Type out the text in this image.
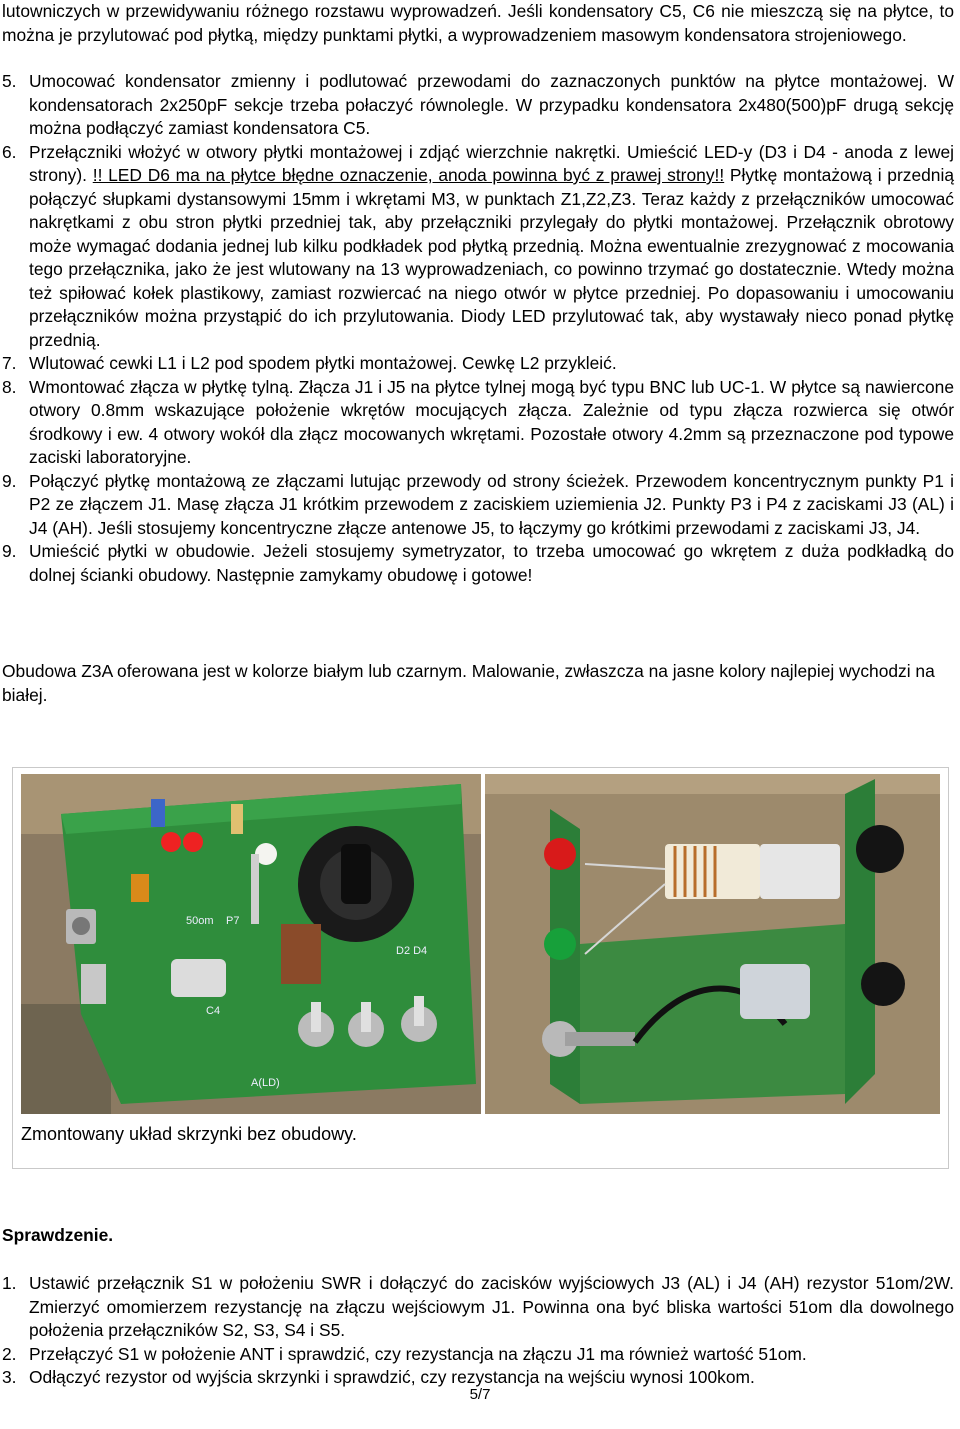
lutowniczych w przewidywaniu różnego rozstawu wyprowadzeń. Jeśli kondensatory C5, C6 nie mieszczą się na płytce, to można je przylutować pod płytką, między punktami płytki, a wyprowadzeniem masowym kondensatora strojeniowego.

5. Umocować kondensator zmienny i podlutować przewodami do zaznaczonych punktów na płytce montażowej. W kondensatorach 2x250pF sekcje trzeba połaczyć równolegle. W przypadku kondensatora 2x480(500)pF drugą sekcję można podłączyć zamiast kondensatora C5.

6. Przełączniki włożyć w otwory płytki montażowej i zdjąć wierzchnie nakrętki. Umieścić LED-y (D3 i D4 - anoda z lewej strony). !! LED D6 ma na płytce błędne oznaczenie, anoda powinna być z prawej strony!! Płytkę montażową i przednią połączyć słupkami dystansowymi 15mm i wkrętami M3, w punktach Z1,Z2,Z3. Teraz każdy z przełączników umocować nakrętkami z obu stron płytki przedniej tak, aby przełączniki przylegały do płytki montażowej. Przełącznik obrotowy może wymagać dodania jednej lub kilku podkładek pod płytką przednią. Można ewentualnie zrezygnować z mocowania tego przełącznika, jako że jest wlutowany na 13 wyprowadzeniach, co powinno trzymać go dostatecznie. Wtedy można też spiłować kołek plastikowy, zamiast rozwiercać na niego otwór w płytce przedniej. Po dopasowaniu i umocowaniu przełączników można przystąpić do ich przylutowania. Diody LED przylutować tak, aby wystawały nieco ponad płytkę przednią.

7. Wlutować cewki L1 i L2 pod spodem płytki montażowej. Cewkę L2 przykleić.

8. Wmontować złącza w płytkę tylną. Złącza J1 i J5 na płytce tylnej mogą być typu BNC lub UC-1. W płytce są nawiercone otwory 0.8mm wskazujące położenie wkrętów mocujących złącza. Zależnie od typu złącza rozwierca się otwór środkowy i ew. 4 otwory wokół dla złącz mocowanych wkrętami. Pozostałe otwory 4.2mm są przeznaczone pod typowe zaciski laboratoryjne.

9. Połączyć płytkę montażową ze złączami lutując przewody od strony ścieżek. Przewodem koncentrycznym punkty P1 i P2 ze złączem J1. Masę złącza J1 krótkim przewodem z zaciskiem uziemienia J2. Punkty P3 i P4 z zaciskami J3 (AL) i J4 (AH). Jeśli stosujemy koncentryczne złącze antenowe J5, to łączymy go krótkimi przewodami z zaciskami J3, J4.

9. Umieścić płytki w obudowie. Jeżeli stosujemy symetryzator, to trzeba umocować go wkrętem z duża podkładką do dolnej ścianki obudowy. Następnie zamykamy obudowę i gotowe!

Obudowa Z3A oferowana jest w kolorze białym lub czarnym. Malowanie, zwłaszcza na jasne kolory najlepiej wychodzi na białej.

50om P7
C4
D2 D4
A(LD)
Zmontowany układ skrzynki bez obudowy.
Sprawdzenie.

1. Ustawić przełącznik S1 w położeniu SWR i dołączyć do zacisków wyjściowych J3 (AL) i J4 (AH) rezystor 51om/2W. Zmierzyć omomierzem rezystancję na złączu wejściowym J1. Powinna ona być bliska wartości 51om dla dowolnego położenia przełączników S2, S3, S4 i S5.

2. Przełączyć S1 w położenie ANT i sprawdzić, czy rezystancja na złączu J1 ma również wartość 51om.

3. Odłączyć rezystor od wyjścia skrzynki i sprawdzić, czy rezystancja na wejściu wynosi 100kom.

5/7
